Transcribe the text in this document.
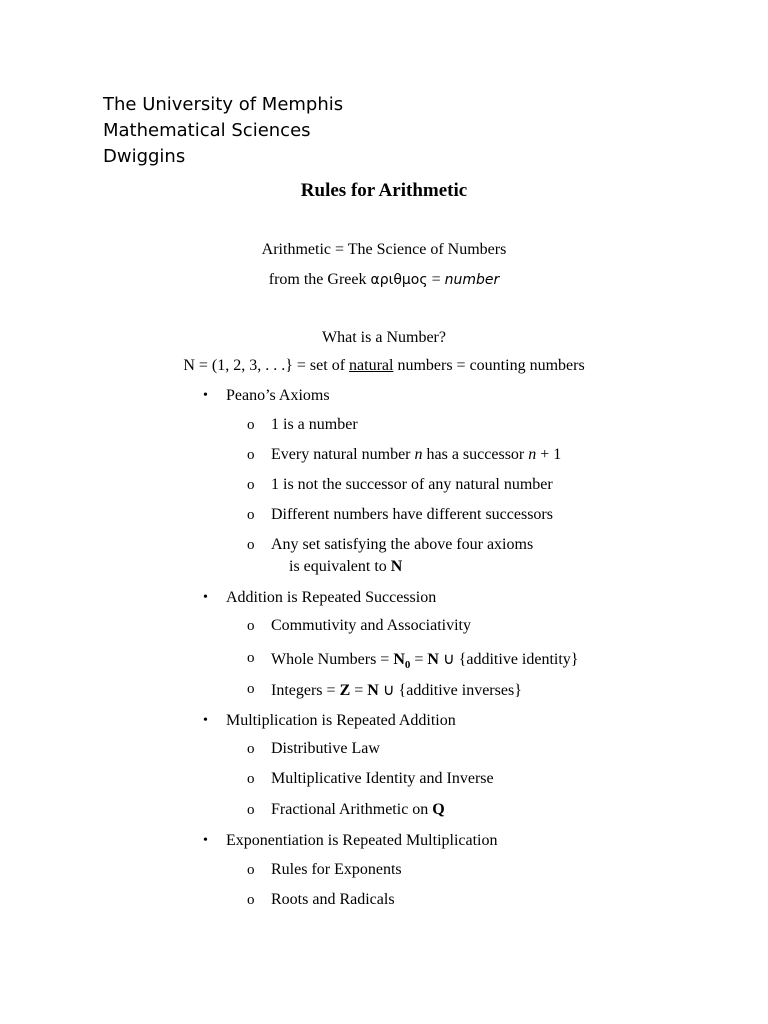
The University of Memphis
Mathematical Sciences
Dwiggins
Rules for Arithmetic
Arithmetic = The Science of Numbers
from the Greek αριθμος = number
What is a Number?
N = (1, 2, 3, . . .} = set of natural numbers = counting numbers
• Peano’s Axioms
o 1 is a number
o Every natural number n has a successor n + 1
o 1 is not the successor of any natural number
o Different numbers have different successors
o Any set satisfying the above four axioms
is equivalent to N
• Addition is Repeated Succession
o Commutivity and Associativity
o Whole Numbers = $N_0 = N$ ∪ {additive identity}
o Integers = Z = N ∪ {additive inverses}
• Multiplication is Repeated Addition
o Distributive Law
o Multiplicative Identity and Inverse
o Fractional Arithmetic on Q
• Exponentiation is Repeated Multiplication
o Rules for Exponents
o Roots and Radicals
